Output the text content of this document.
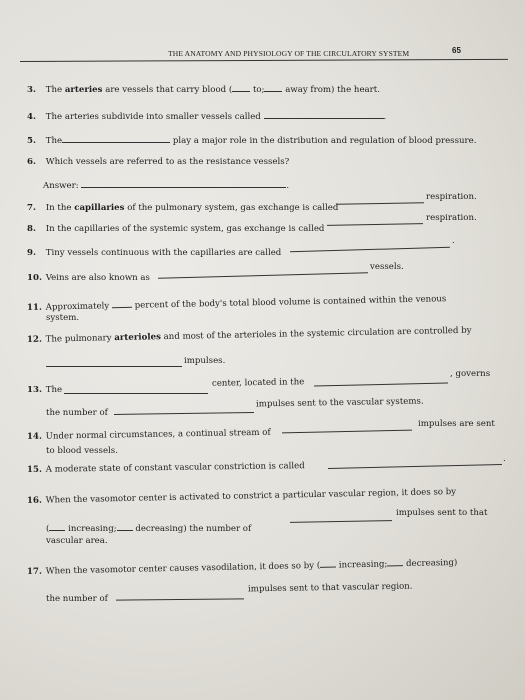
THE ANATOMY AND PHYSIOLOGY OF THE CIRCULATORY SYSTEM	65
3. The arteries are vessels that carry blood ( to; away from) the heart.
4. The arteries subdivide into smaller vessels called	.
5. The	play a major role in the distribution and regulation of blood pressure.
6. Which vessels are referred to as the resistance vessels?
Answer:	.
7. In the capillaries of the pulmonary system, gas exchange is called
respiration.
8. In the capillaries of the systemic system, gas exchange is called
respiration.
9. Tiny vessels continuous with the capillaries are called
.
10. Veins are also known as
vessels.
11. Approximately	percent of the body's total blood volume is contained within the venous
system.
12. The pulmonary arterioles and most of the arterioles in the systemic circulation are controlled by
impulses.
13. The
center, located in the
, governs
the number of
impulses sent to the vascular systems.
14. Under normal circumstances, a continual stream of
impulses are sent
to blood vessels.
15. A moderate state of constant vascular constriction is called
.
16. When the vasomotor center is activated to constrict a particular vascular region, it does so by
( increasing; decreasing) the number of
impulses sent to that
vascular area.
17. When the vasomotor center causes vasodilation, it does so by ( increasing; decreasing)
the number of
impulses sent to that vascular region.
